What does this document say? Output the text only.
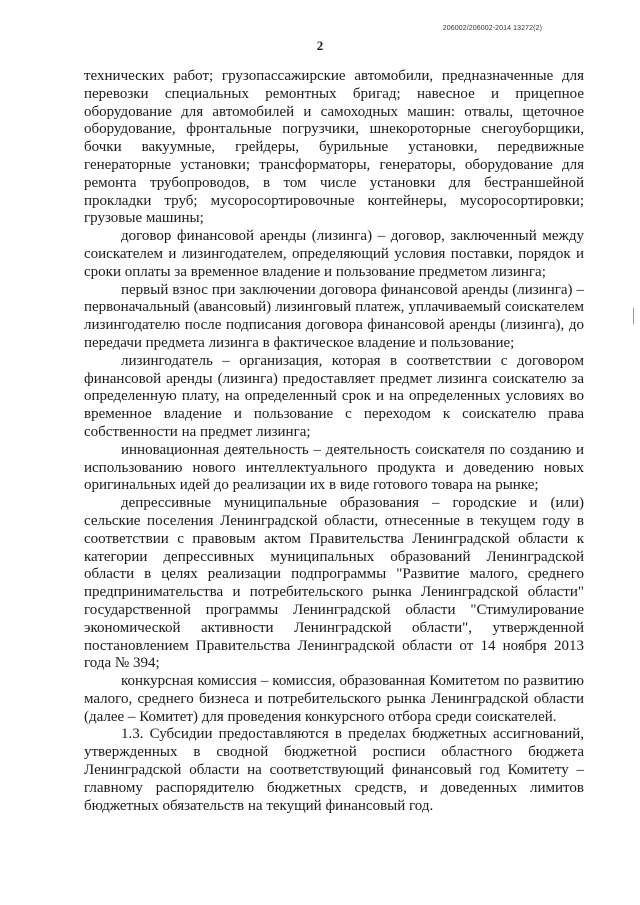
206002/206002-2014 13272(2)
2

технических работ; грузопассажирские автомобили, предназначенные для перевозки специальных ремонтных бригад; навесное и прицепное оборудование для автомобилей и самоходных машин: отвалы, щеточное оборудование, фронтальные погрузчики, шнекороторные снегоуборщики, бочки вакуумные, грейдеры, бурильные установки, передвижные генераторные установки; трансформаторы, генераторы, оборудование для ремонта трубопроводов, в том числе установки для бестраншейной прокладки труб; мусоросортировочные контейнеры, мусоросортировки; грузовые машины;

договор финансовой аренды (лизинга) – договор, заключенный между соискателем и лизингодателем, определяющий условия поставки, порядок и сроки оплаты за временное владение и пользование предметом лизинга;

первый взнос при заключении договора финансовой аренды (лизинга) – первоначальный (авансовый) лизинговый платеж, уплачиваемый соискателем лизингодателю после подписания договора финансовой аренды (лизинга), до передачи предмета лизинга в фактическое владение и пользование;

лизингодатель – организация, которая в соответствии с договором финансовой аренды (лизинга) предоставляет предмет лизинга соискателю за определенную плату, на определенный срок и на определенных условиях во временное владение и пользование с переходом к соискателю права собственности на предмет лизинга;

инновационная деятельность – деятельность соискателя по созданию и использованию нового интеллектуального продукта и доведению новых оригинальных идей до реализации их в виде готового товара на рынке;

депрессивные муниципальные образования – городские и (или) сельские поселения Ленинградской области, отнесенные в текущем году в соответствии с правовым актом Правительства Ленинградской области к категории депрессивных муниципальных образований Ленинградской области в целях реализации подпрограммы "Развитие малого, среднего предпринимательства и потребительского рынка Ленинградской области" государственной программы Ленинградской области "Стимулирование экономической активности Ленинградской области", утвержденной постановлением Правительства Ленинградской области от 14 ноября 2013 года № 394;

конкурсная комиссия – комиссия, образованная Комитетом по развитию малого, среднего бизнеса и потребительского рынка Ленинградской области (далее – Комитет) для проведения конкурсного отбора среди соискателей.

1.3. Субсидии предоставляются в пределах бюджетных ассигнований, утвержденных в сводной бюджетной росписи областного бюджета Ленинградской области на соответствующий финансовый год Комитету – главному распорядителю бюджетных средств, и доведенных лимитов бюджетных обязательств на текущий финансовый год.
